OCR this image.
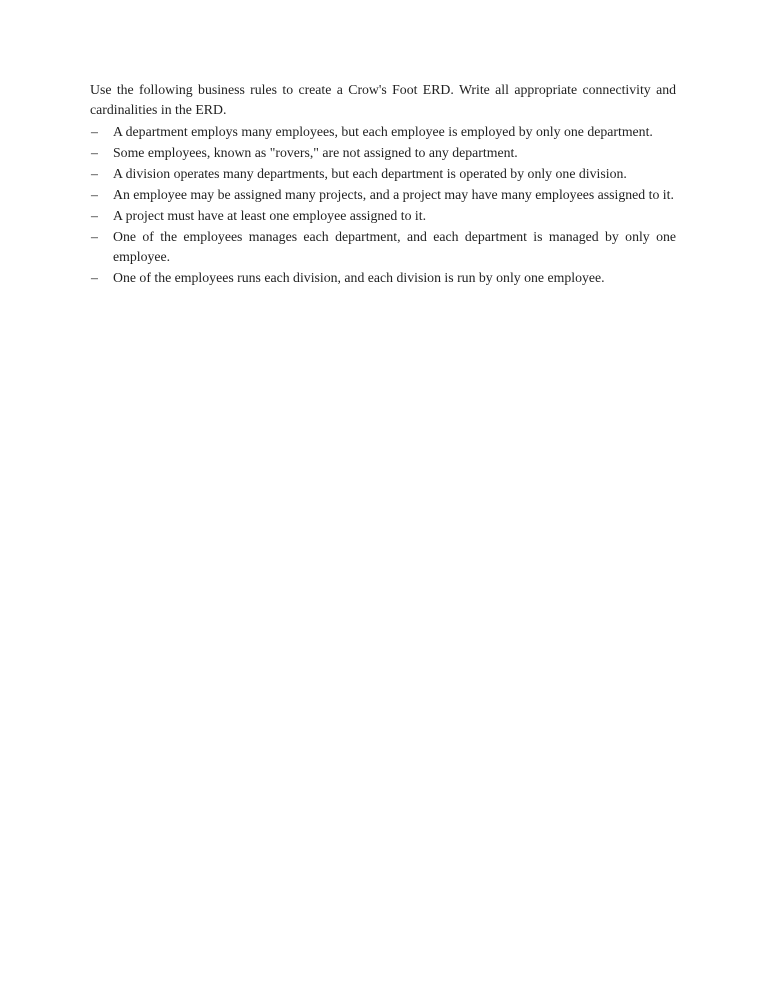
Use the following business rules to create a Crow's Foot ERD. Write all appropriate connectivity and cardinalities in the ERD.

– A department employs many employees, but each employee is employed by only one department.
– Some employees, known as "rovers," are not assigned to any department.
– A division operates many departments, but each department is operated by only one division.
– An employee may be assigned many projects, and a project may have many employees assigned to it.
– A project must have at least one employee assigned to it.
– One of the employees manages each department, and each department is managed by only one employee.
– One of the employees runs each division, and each division is run by only one employee.
